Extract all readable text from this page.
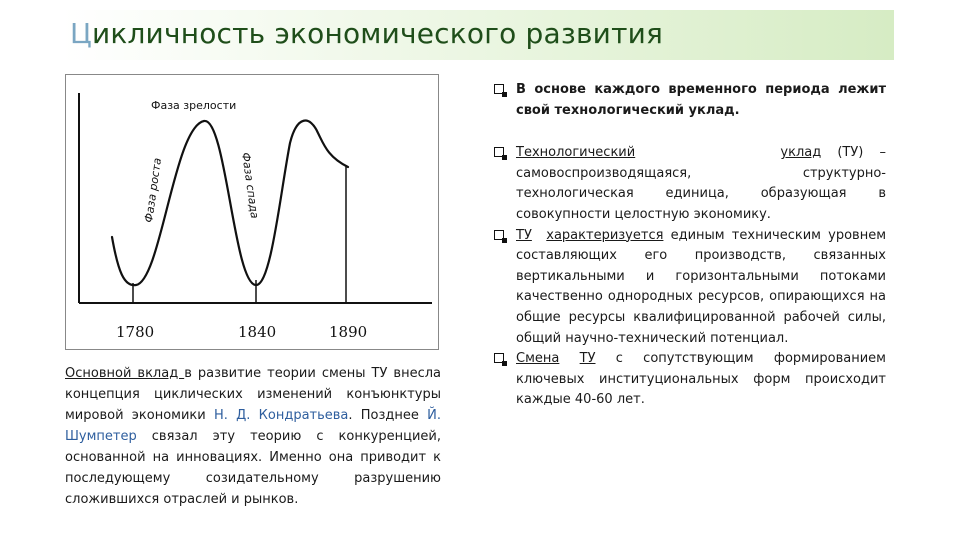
Цикличность экономического развития
Фаза зрелости
Фаза роста	Фаза спада
1780	1840	1890
Основной вклад в развитие теории смены ТУ внесла концепция циклических изменений конъюнктуры мировой экономики Н. Д. Кондратьева. Позднее Й. Шумпетер связал эту теорию с конкуренцией, основанной на инновациях. Именно она приводит к последующему созидательному разрушению сложившихся отраслей и рынков.
В основе каждого временного периода лежит свой технологический уклад.
Технологический	уклад (ТУ) – самовоспроизводящаяся, структурно-технологическая единица, образующая в совокупности целостную экономику.
ТУ характеризуется единым техническим уровнем составляющих его производств, связанных вертикальными и горизонтальными потоками качественно однородных ресурсов, опирающихся на общие ресурсы квалифицированной рабочей силы, общий научно-технический потенциал.
Смена ТУ с сопутствующим формированием ключевых институциональных форм происходит каждые 40-60 лет.
